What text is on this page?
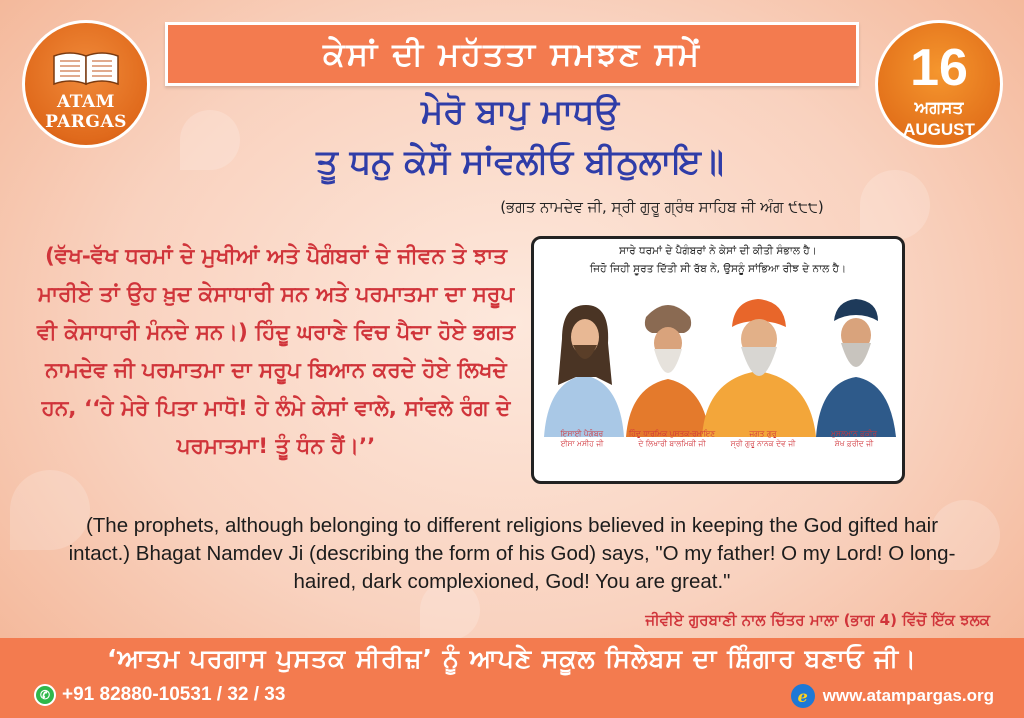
ATAM
PARGAS
ਕੇਸਾਂ ਦੀ ਮਹੱਤਤਾ ਸਮਝਣ ਸਮੇਂ	16
ਅਗਸਤ
AUGUST
ਮੇਰੋ ਬਾਪੁ ਮਾਧਉ
ਤੂ ਧਨੁ ਕੇਸੌ ਸਾਂਵਲੀਓ ਬੀਠੁਲਾਇ॥
(ਭਗਤ ਨਾਮਦੇਵ ਜੀ, ਸ੍ਰੀ ਗੁਰੂ ਗ੍ਰੰਥ ਸਾਹਿਬ ਜੀ ਅੰਗ ੯੮੮)
(ਵੱਖ-ਵੱਖ ਧਰਮਾਂ ਦੇ ਮੁਖੀਆਂ ਅਤੇ ਪੈਗੰਬਰਾਂ ਦੇ ਜੀਵਨ ਤੇ ਝਾਤ ਮਾਰੀਏ ਤਾਂ ਉਹ ਖ਼ੁਦ ਕੇਸਾਧਾਰੀ ਸਨ ਅਤੇ ਪਰਮਾਤਮਾ ਦਾ ਸਰੂਪ ਵੀ ਕੇਸਾਧਾਰੀ ਮੰਨਦੇ ਸਨ।) ਹਿੰਦੂ ਘਰਾਣੇ ਵਿਚ ਪੈਦਾ ਹੋਏ ਭਗਤ ਨਾਮਦੇਵ ਜੀ ਪਰਮਾਤਮਾ ਦਾ ਸਰੂਪ ਬਿਆਨ ਕਰਦੇ ਹੋਏ ਲਿਖਦੇ ਹਨ, ‘‘ਹੇ ਮੇਰੇ ਪਿਤਾ ਮਾਧੋ! ਹੇ ਲੰਮੇ ਕੇਸਾਂ ਵਾਲੇ, ਸਾਂਵਲੇ ਰੰਗ ਦੇ ਪਰਮਾਤਮਾ! ਤੂੰ ਧੰਨ ਹੈਂ।’’
ਸਾਰੇ ਧਰਮਾਂ ਦੇ ਪੈਗੰਬਰਾਂ ਨੇ ਕੇਸਾਂ ਦੀ ਕੀਤੀ ਸੰਭਾਲ ਹੈ।
ਜਿਹੋ ਜਿਹੀ ਸੂਰਤ ਦਿੱਤੀ ਸੀ ਰੱਬ ਨੇ, ਉਸਨੂੰ ਸਾਂਭਿਆ ਰੀਝ ਦੇ ਨਾਲ ਹੈ।
ਇਸਾਈ ਪੈਗੰਬਰ
ਈਸਾ ਮਸੀਹ ਜੀ
ਹਿੰਦੂ ਧਾਰਮਿਕ ਪੁਸਤਕ-ਰਮਾਇਣ
ਦੇ ਲਿਖਾਰੀ ਬਾਲਮਿਕੀ ਜੀ
ਜਗਤ ਗੁਰੂ
ਸ੍ਰੀ ਗੁਰੂ ਨਾਨਕ ਦੇਵ ਜੀ
ਮੁਸਲਮਾਨ ਫ਼ਕੀਰ
ਸ਼ੇਖ ਫ਼ਰੀਦ ਜੀ
(The prophets, although belonging to different religions believed in keeping the God gifted hair intact.) Bhagat Namdev Ji (describing the form of his God) says, "O my father! O my Lord! O long-haired, dark complexioned, God! You are great."
ਜੀਵੀਏ ਗੁਰਬਾਣੀ ਨਾਲ ਚਿੱਤਰ ਮਾਲਾ (ਭਾਗ 4) ਵਿੱਚੋਂ ਇੱਕ ਝਲਕ
‘ਆਤਮ ਪਰਗਾਸ ਪੁਸਤਕ ਸੀਰੀਜ਼’ ਨੂੰ ਆਪਣੇ ਸਕੂਲ ਸਿਲੇਬਸ ਦਾ ਸ਼ਿੰਗਾਰ ਬਣਾਓ ਜੀ।
✆ +91 82880-10531 / 32 / 33	e www.atampargas.org
